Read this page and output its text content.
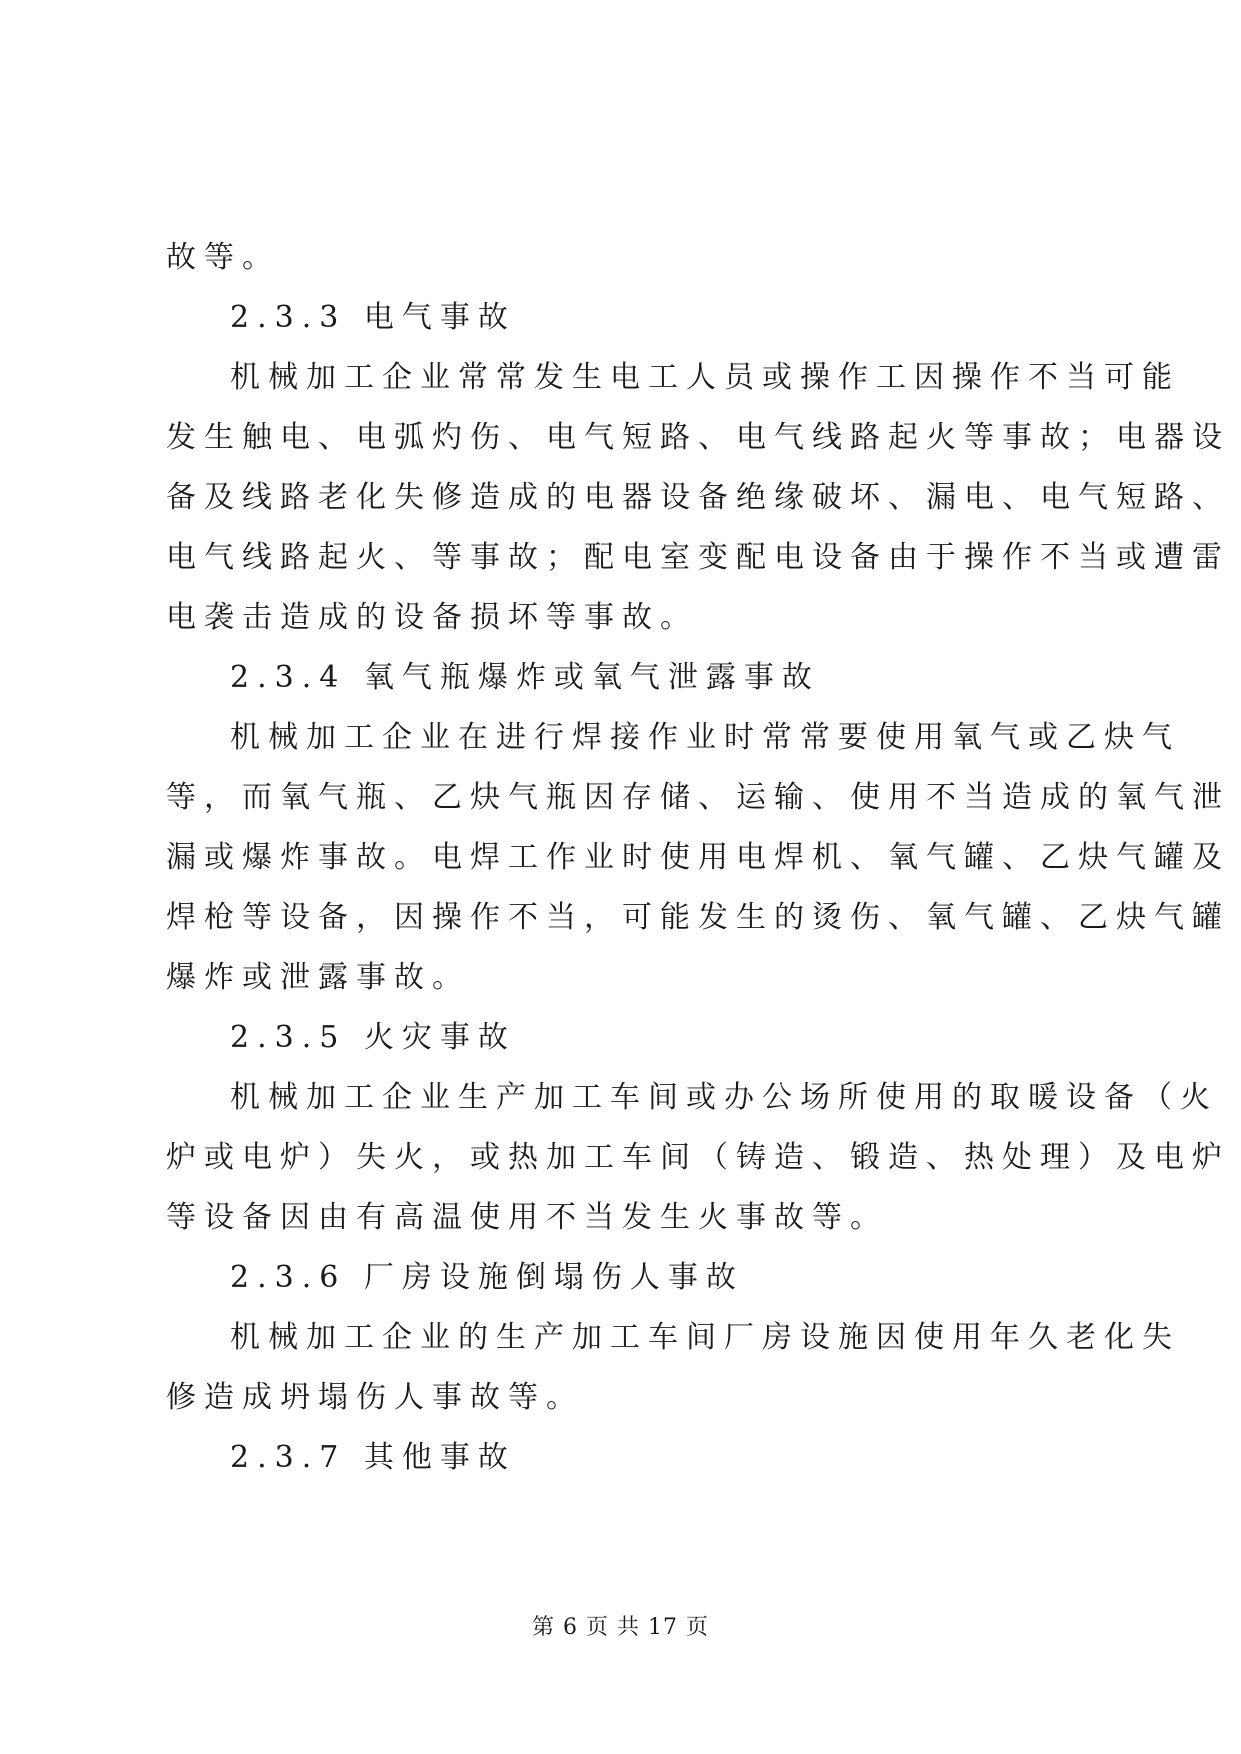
故等。
2.3.3 电气事故
机械加工企业常常发生电工人员或操作工因操作不当可能
发生触电、电弧灼伤、电气短路、电气线路起火等事故；电器设
备及线路老化失修造成的电器设备绝缘破坏、漏电、电气短路、
电气线路起火、等事故；配电室变配电设备由于操作不当或遭雷
电袭击造成的设备损坏等事故。
2.3.4 氧气瓶爆炸或氧气泄露事故
机械加工企业在进行焊接作业时常常要使用氧气或乙炔气
等，而氧气瓶、乙炔气瓶因存储、运输、使用不当造成的氧气泄
漏或爆炸事故。电焊工作业时使用电焊机、氧气罐、乙炔气罐及
焊枪等设备，因操作不当，可能发生的烫伤、氧气罐、乙炔气罐
爆炸或泄露事故。
2.3.5 火灾事故
机械加工企业生产加工车间或办公场所使用的取暖设备（火
炉或电炉）失火，或热加工车间（铸造、锻造、热处理）及电炉
等设备因由有高温使用不当发生火事故等。
2.3.6 厂房设施倒塌伤人事故
机械加工企业的生产加工车间厂房设施因使用年久老化失
修造成坍塌伤人事故等。
2.3.7 其他事故
第 6 页 共 17 页
